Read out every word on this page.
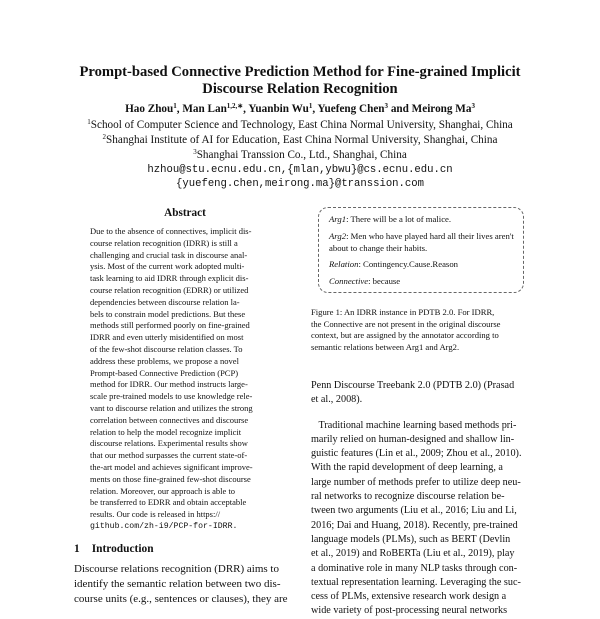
Prompt-based Connective Prediction Method for Fine-grained Implicit
Discourse Relation Recognition
Hao Zhou$^1$, Man Lan$^{1,2,∗}$, Yuanbin Wu$^1$, Yuefeng Chen$^3$ and Meirong Ma$^3$
$^1$School of Computer Science and Technology, East China Normal University, Shanghai, China
$^2$Shanghai Institute of AI for Education, East China Normal University, Shanghai, China
$^3$Shanghai Transsion Co., Ltd., Shanghai, China
hzhou@stu.ecnu.edu.cn,{mlan,ybwu}@cs.ecnu.edu.cn
{yuefeng.chen,meirong.ma}@transsion.com
Abstract
Due to the absence of connectives, implicit dis-
course relation recognition (IDRR) is still a
challenging and crucial task in discourse anal-
ysis. Most of the current work adopted multi-
task learning to aid IDRR through explicit dis-
course relation recognition (EDRR) or utilized
dependencies between discourse relation la-
bels to constrain model predictions. But these
methods still performed poorly on fine-grained
IDRR and even utterly misidentified on most
of the few-shot discourse relation classes. To
address these problems, we propose a novel
Prompt-based Connective Prediction (PCP)
method for IDRR. Our method instructs large-
scale pre-trained models to use knowledge rele-
vant to discourse relation and utilizes the strong
correlation between connectives and discourse
relation to help the model recognize implicit
discourse relations. Experimental results show
that our method surpasses the current state-of-
the-art model and achieves significant improve-
ments on those fine-grained few-shot discourse
relation. Moreover, our approach is able to
be transferred to EDRR and obtain acceptable
results. Our code is released in https://
github.com/zh-i9/PCP-for-IDRR.
1 Introduction
Discourse relations recognition (DRR) aims to
identify the semantic relation between two dis-
course units (e.g., sentences or clauses), they are
Arg1: There will be a lot of malice.
Arg2: Men who have played hard all their lives aren't about to change their habits.
Relation: Contingency.Cause.Reason
Connective: because
Figure 1: An IDRR instance in PDTB 2.0. For IDRR,
the Connective are not present in the original discourse
context, but are assigned by the annotator according to
semantic relations between Arg1 and Arg2.

Penn Discourse Treebank 2.0 (PDTB 2.0) (Prasad
et al., 2008).

Traditional machine learning based methods pri-
marily relied on human-designed and shallow lin-
guistic features (Lin et al., 2009; Zhou et al., 2010).
With the rapid development of deep learning, a
large number of methods prefer to utilize deep neu-
ral networks to recognize discourse relation be-
tween two arguments (Liu et al., 2016; Liu and Li,
2016; Dai and Huang, 2018). Recently, pre-trained
language models (PLMs), such as BERT (Devlin
et al., 2019) and RoBERTa (Liu et al., 2019), play
a dominative role in many NLP tasks through con-
textual representation learning. Leveraging the suc-
cess of PLMs, extensive research work design a
wide variety of post-processing neural networks
